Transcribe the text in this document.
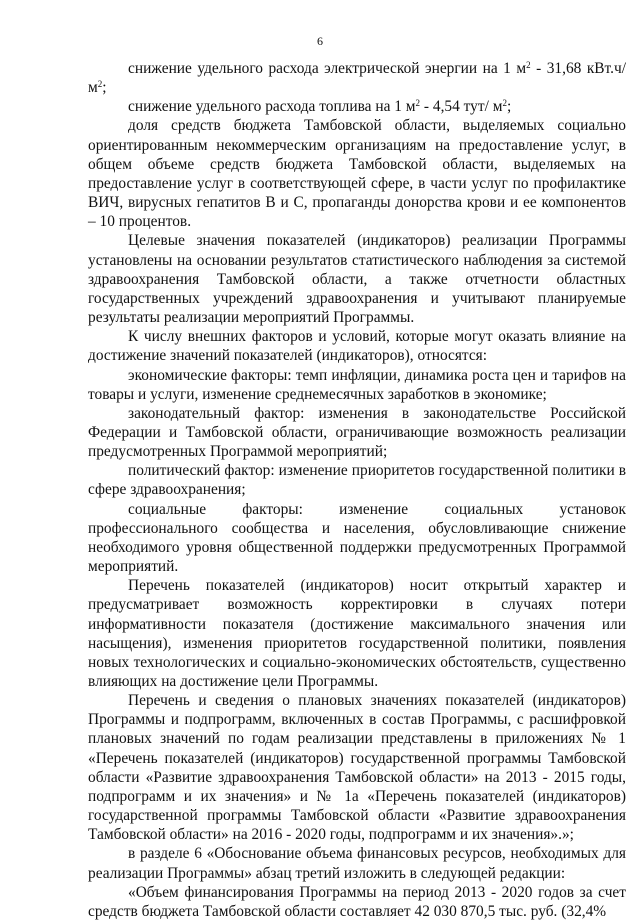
6

снижение удельного расхода электрической энергии на 1 $м^2 - 31,68$ кВт.ч/ $м^2$;

снижение удельного расхода топлива на 1 $м^2 - 4,54$ тут/ $м^2$;

доля средств бюджета Тамбовской области, выделяемых социально ориентированным некоммерческим организациям на предоставление услуг, в общем объеме средств бюджета Тамбовской области, выделяемых на предоставление услуг в соответствующей сфере, в части услуг по профилактике ВИЧ, вирусных гепатитов В и С, пропаганды донорства крови и ее компонентов – 10 процентов.

Целевые значения показателей (индикаторов) реализации Программы установлены на основании результатов статистического наблюдения за системой здравоохранения Тамбовской области, а также отчетности областных государственных учреждений здравоохранения и учитывают планируемые результаты реализации мероприятий Программы.

К числу внешних факторов и условий, которые могут оказать влияние на достижение значений показателей (индикаторов), относятся:

экономические факторы: темп инфляции, динамика роста цен и тарифов на товары и услуги, изменение среднемесячных заработков в экономике;

законодательный фактор: изменения в законодательстве Российской Федерации и Тамбовской области, ограничивающие возможность реализации предусмотренных Программой мероприятий;

политический фактор: изменение приоритетов государственной политики в сфере здравоохранения;

социальные факторы: изменение социальных установок профессионального сообщества и населения, обусловливающие снижение необходимого уровня общественной поддержки предусмотренных Программой мероприятий.

Перечень показателей (индикаторов) носит открытый характер и предусматривает возможность корректировки в случаях потери информативности показателя (достижение максимального значения или насыщения), изменения приоритетов государственной политики, появления новых технологических и социально-экономических обстоятельств, существенно влияющих на достижение цели Программы.

Перечень и сведения о плановых значениях показателей (индикаторов) Программы и подпрограмм, включенных в состав Программы, с расшифровкой плановых значений по годам реализации представлены в приложениях № 1 «Перечень показателей (индикаторов) государственной программы Тамбовской области «Развитие здравоохранения Тамбовской области» на 2013 - 2015 годы, подпрограмм и их значения» и № 1а «Перечень показателей (индикаторов) государственной программы Тамбовской области «Развитие здравоохранения Тамбовской области» на 2016 - 2020 годы, подпрограмм и их значения».»;

в разделе 6 «Обоснование объема финансовых ресурсов, необходимых для реализации Программы» абзац третий изложить в следующей редакции:

«Объем финансирования Программы на период 2013 - 2020 годов за счет средств бюджета Тамбовской области составляет 42 030 870,5 тыс. руб. (32,4%
